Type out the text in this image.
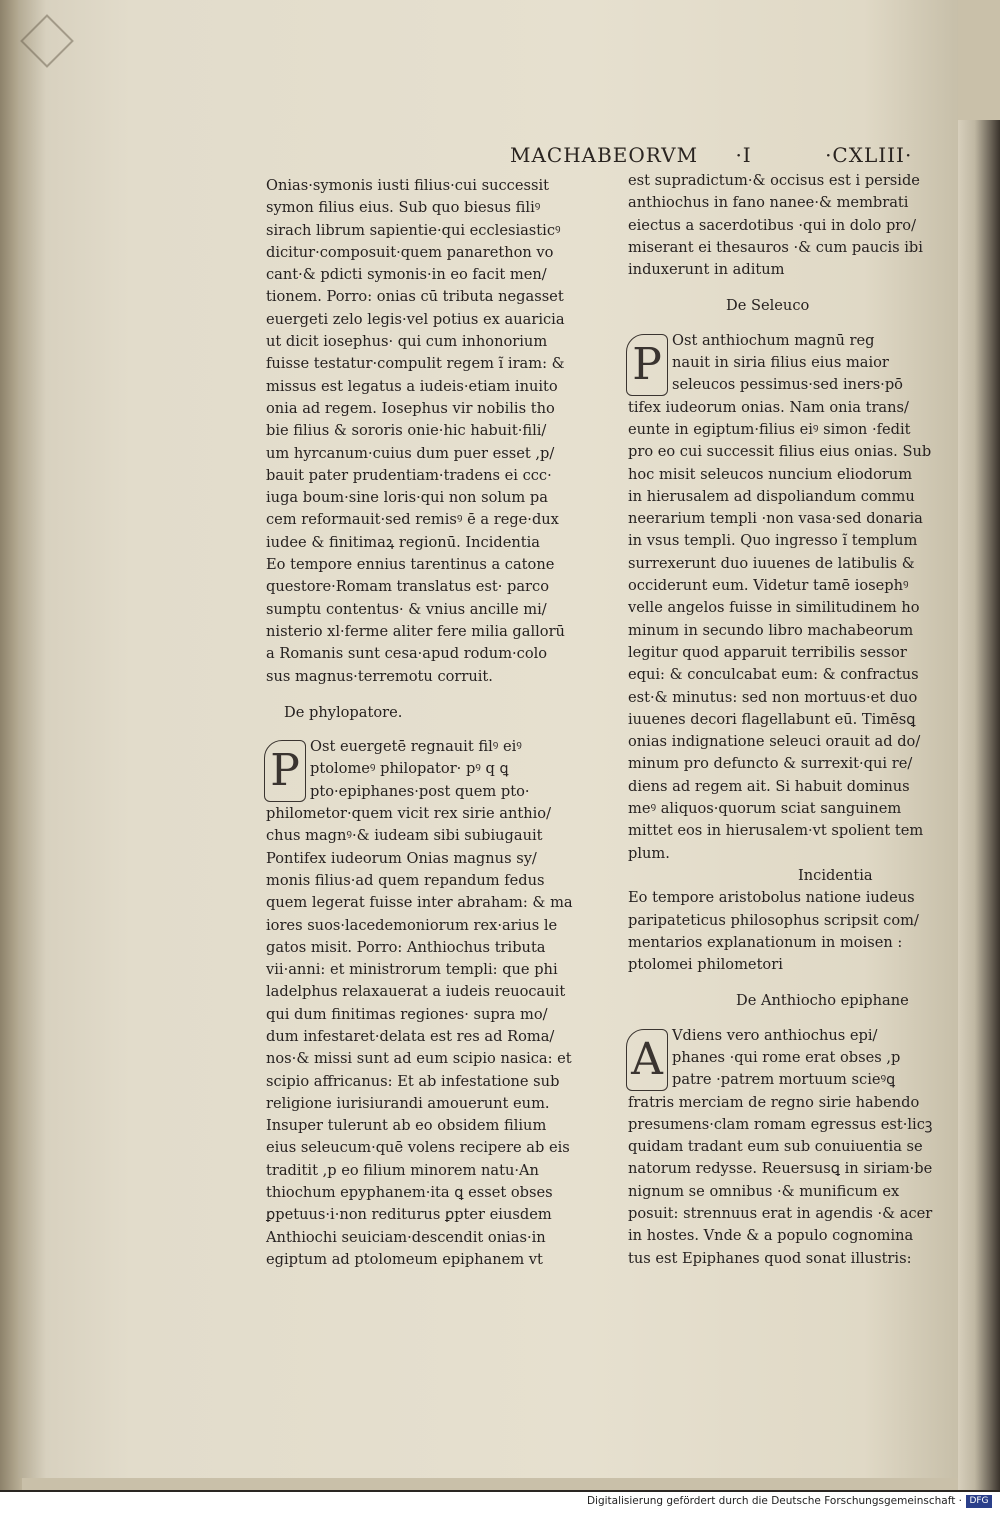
MACHABEORVM ·I	·CXLIII·

Onias·symonis iusti filius·cui successit

symon filius eius. Sub quo biesus filiꝰ

sirach librum sapientie·qui ecclesiasticꝰ

dicitur·composuit·quem panarethon vo

cant·& pdicti symonis·in eo facit men/

tionem. Porro: onias cū tributa negasset

euergeti zelo legis·vel potius ex auaricia

ut dicit iosephus· qui cum inhonorium

fuisse testatur·compulit regem ĩ iram: &

missus est legatus a iudeis·etiam inuito

onia ad regem. Iosephus vir nobilis tho

bie filius & sororis onie·hic habuit·fili/

um hyrcanum·cuius dum puer esset ,p/

bauit pater prudentiam·tradens ei ccc·

iuga boum·sine loris·qui non solum pa

cem reformauit·sed remisꝰ ē a rege·dux

iudee & finitimaꝝ regionū. Incidentia

Eo tempore ennius tarentinus a catone

questore·Romam translatus est· parco

sumptu contentus· & vnius ancille mi/

nisterio xl·ferme aliter fere milia gallorū

a Romanis sunt cesa·apud rodum·colo

sus magnus·terremotu corruit.

De phylopatore.

P Ost euergetē regnauit filꝰ eiꝰ

ptolomeꝰ philopator· pꝰ q ꝗ

pto·epiphanes·post quem pto·

philometor·quem vicit rex sirie anthio/

chus magnꝰ·& iudeam sibi subiugauit

Pontifex iudeorum Onias magnus sy/

monis filius·ad quem repandum fedus

quem legerat fuisse inter abraham: & ma

iores suos·lacedemoniorum rex·arius le

gatos misit. Porro: Anthiochus tributa

vii·anni: et ministrorum templi: que phi

ladelphus relaxauerat a iudeis reuocauit

qui dum finitimas regiones· supra mo/

dum infestaret·delata est res ad Roma/

nos·& missi sunt ad eum scipio nasica: et

scipio affricanus: Et ab infestatione sub

religione iurisiurandi amouerunt eum.

Insuper tulerunt ab eo obsidem filium

eius seleucum·quē volens recipere ab eis

traditit ,p eo filium minorem natu·An

thiochum epyphanem·ita ꝗ esset obses

ꝑpetuus·i·non rediturus ꝑpter eiusdem

Anthiochi seuiciam·descendit onias·in

egiptum ad ptolomeum epiphanem vt

est supradictum·& occisus est i perside

anthiochus in fano nanee·& membrati

eiectus a sacerdotibus ·qui in dolo pro/

miserant ei thesauros ·& cum paucis ibi

induxerunt in aditum

De Seleuco

P Ost anthiochum magnū reg

nauit in siria filius eius maior

seleucos pessimus·sed iners·pō

tifex iudeorum onias. Nam onia trans/

eunte in egiptum·filius eiꝰ simon ·fedit

pro eo cui successit filius eius onias. Sub

hoc misit seleucos nuncium eliodorum

in hierusalem ad dispoliandum commu

neerarium templi ·non vasa·sed donaria

in vsus templi. Quo ingresso ĩ templum

surrexerunt duo iuuenes de latibulis &

occiderunt eum. Videtur tamē iosephꝰ

velle angelos fuisse in similitudinem ho

minum in secundo libro machabeorum

legitur quod apparuit terribilis sessor

equi: & conculcabat eum: & confractus

est·& minutus: sed non mortuus·et duo

iuuenes decori flagellabunt eū. Timēsꝗ

onias indignatione seleuci orauit ad do/

minum pro defuncto & surrexit·qui re/

diens ad regem ait. Si habuit dominus

meꝰ aliquos·quorum sciat sanguinem

mittet eos in hierusalem·vt spolient tem

plum.

Incidentia

Eo tempore aristobolus natione iudeus

paripateticus philosophus scripsit com/

mentarios explanationum in moisen :

ptolomei philometori

De Anthiocho epiphane

A Vdiens vero anthiochus epi/

phanes ·qui rome erat obses ,p

patre ·patrem mortuum scieꝰꝗ

fratris merciam de regno sirie habendo

presumens·clam romam egressus est·licꝫ

quidam tradant eum sub conuiuentia se

natorum redysse. Reuersusꝗ in siriam·be

nignum se omnibus ·& munificum ex

posuit: strennuus erat in agendis ·& acer

in hostes. Vnde & a populo cognomina

tus est Epiphanes quod sonat illustris:

Digitalisierung gefördert durch die Deutsche Forschungsgemeinschaft · DFG
